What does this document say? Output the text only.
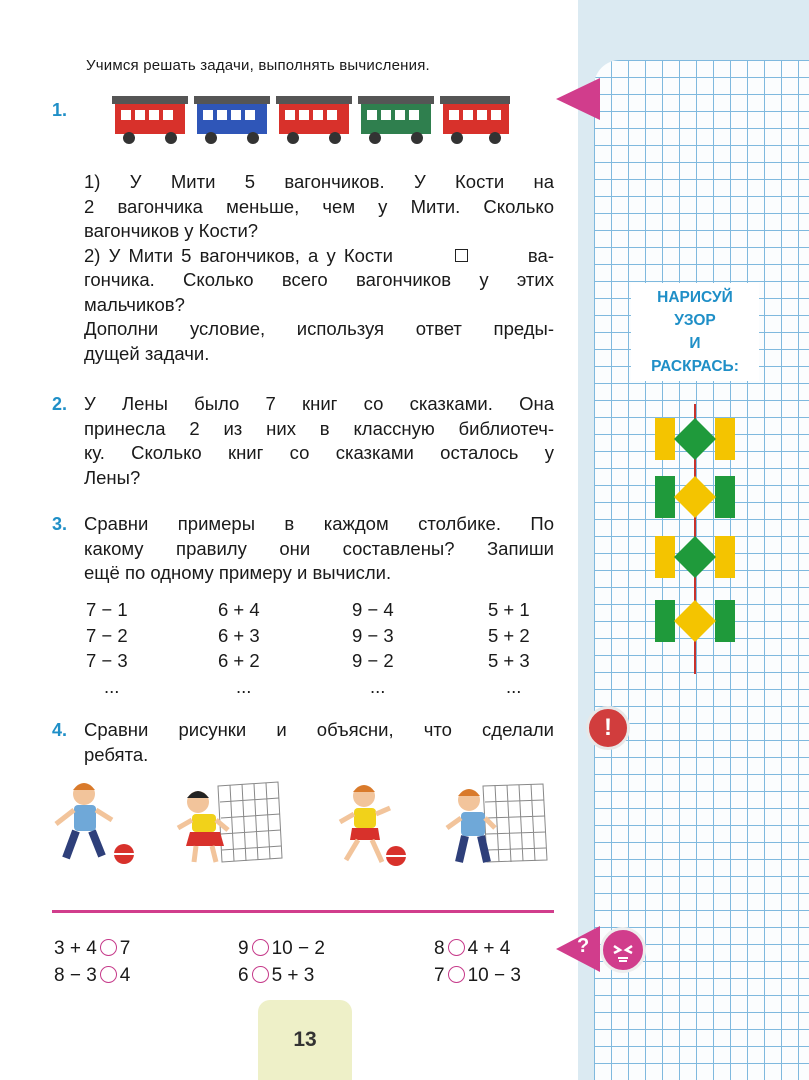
Учимся решать задачи, выполнять вычисления.
1.
1) У Мити 5 вагончиков. У Кости на
2 вагончика меньше, чем у Мити. Сколько
вагончиков у Кости?
2) У Мити 5 вагончиков, а у Кости	ва-
гончика. Сколько всего вагончиков у этих
мальчиков?
Дополни условие, используя ответ преды-
дущей задачи.
2. У Лены было 7 книг со сказками. Она
принесла 2 из них в классную библиотеч-
ку. Сколько книг со сказками осталось у
Лены?
3. Сравни примеры в каждом столбике. По
какому правилу они составлены? Запиши
ещё по одному примеру и вычисли.
7 − 1
7 − 2
7 − 3
...
6 + 4
6 + 3
6 + 2
...
9 − 4
9 − 3
9 − 2
...
5 + 1
5 + 2
5 + 3
...
4. Сравни рисунки и объясни, что сделали
ребята.
3 + 4 7
8 − 3 4
9 10 − 2
6 5 + 3
8 4 + 4
7 10 − 3
13
НАРИСУЙ
УЗОР
И
РАСКРАСЬ:
!
?
